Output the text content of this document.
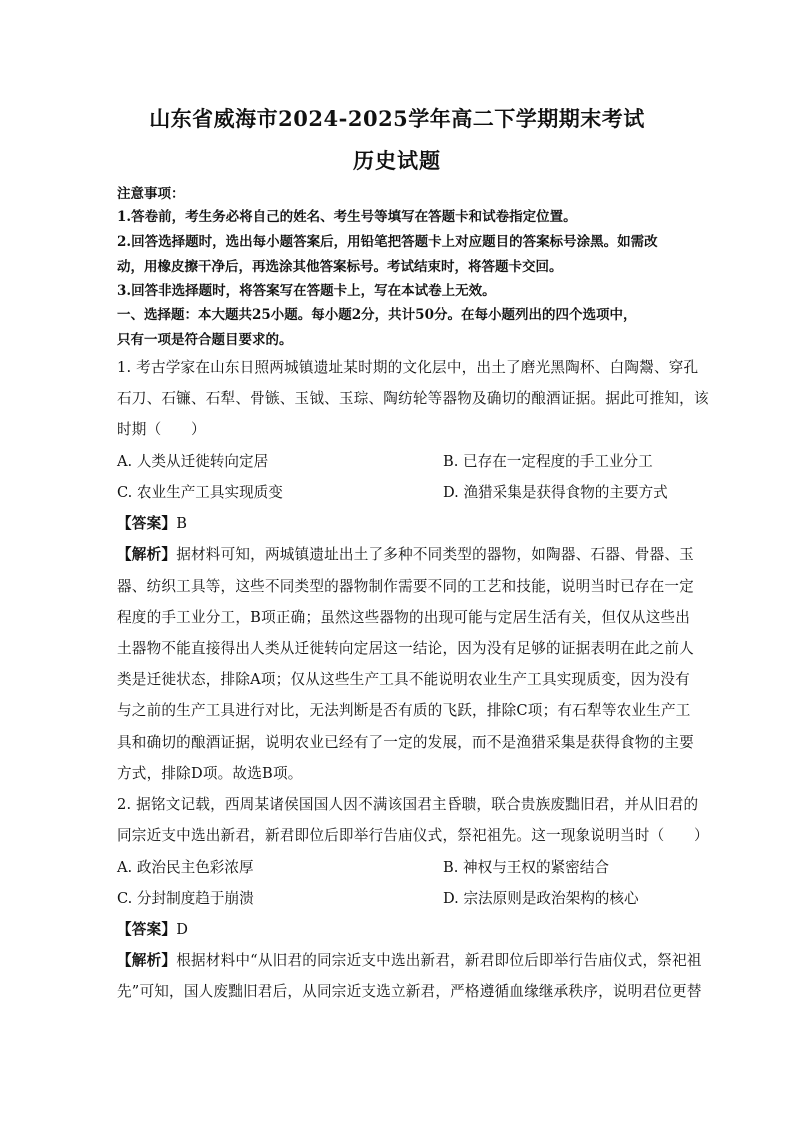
山东省威海市2024-2025学年高二下学期期末考试
历史试题
注意事项：
1.答卷前，考生务必将自己的姓名、考生号等填写在答题卡和试卷指定位置。
2.回答选择题时，选出每小题答案后，用铅笔把答题卡上对应题目的答案标号涂黑。如需改
动，用橡皮擦干净后，再选涂其他答案标号。考试结束时，将答题卡交回。
3.回答非选择题时，将答案写在答题卡上，写在本试卷上无效。
一、选择题：本大题共25小题。每小题2分，共计50分。在每小题列出的四个选项中，
只有一项是符合题目要求的。
1. 考古学家在山东日照两城镇遗址某时期的文化层中，出土了磨光黑陶杯、白陶鬶、穿孔
石刀、石镰、石犁、骨镞、玉钺、玉琮、陶纺轮等器物及确切的酿酒证据。据此可推知，该
时期（　　）
A. 人类从迁徙转向定居	B. 已存在一定程度的手工业分工
C. 农业生产工具实现质变	D. 渔猎采集是获得食物的主要方式
【答案】B
【解析】据材料可知，两城镇遗址出土了多种不同类型的器物，如陶器、石器、骨器、玉
器、纺织工具等，这些不同类型的器物制作需要不同的工艺和技能，说明当时已存在一定
程度的手工业分工，B项正确；虽然这些器物的出现可能与定居生活有关，但仅从这些出
土器物不能直接得出人类从迁徙转向定居这一结论，因为没有足够的证据表明在此之前人
类是迁徙状态，排除A项；仅从这些生产工具不能说明农业生产工具实现质变，因为没有
与之前的生产工具进行对比，无法判断是否有质的飞跃，排除C项；有石犁等农业生产工
具和确切的酿酒证据，说明农业已经有了一定的发展，而不是渔猎采集是获得食物的主要
方式，排除D项。故选B项。
2. 据铭文记载，西周某诸侯国国人因不满该国君主昏聩，联合贵族废黜旧君，并从旧君的
同宗近支中选出新君，新君即位后即举行告庙仪式，祭祀祖先。这一现象说明当时（　　）
A. 政治民主色彩浓厚	B. 神权与王权的紧密结合
C. 分封制度趋于崩溃	D. 宗法原则是政治架构的核心
【答案】D
【解析】根据材料中“从旧君的同宗近支中选出新君，新君即位后即举行告庙仪式，祭祀祖
先”可知，国人废黜旧君后，从同宗近支选立新君，严格遵循血缘继承秩序，说明君位更替
